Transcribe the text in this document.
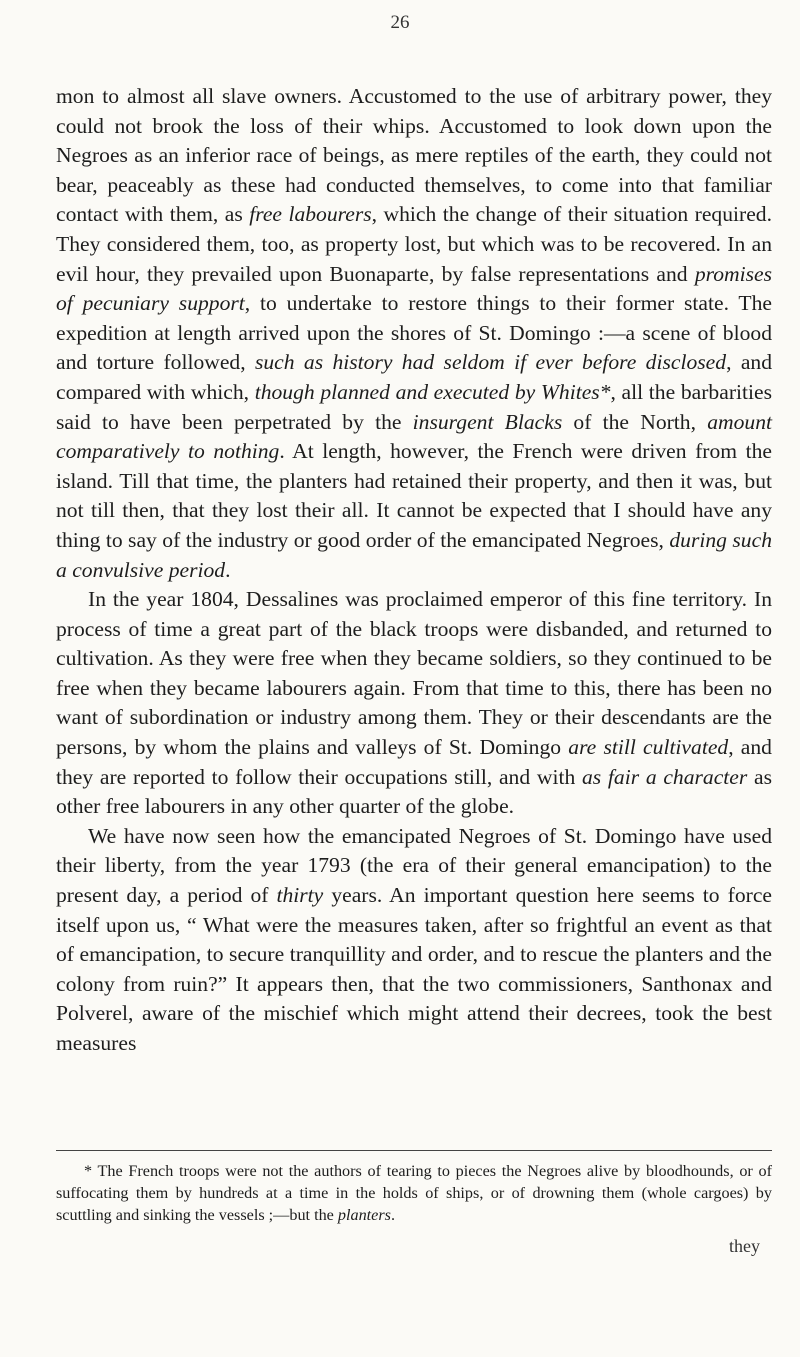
26

mon to almost all slave owners. Accustomed to the use of arbitrary power, they could not brook the loss of their whips. Accustomed to look down upon the Negroes as an inferior race of beings, as mere reptiles of the earth, they could not bear, peaceably as these had conducted themselves, to come into that familiar contact with them, as free labourers, which the change of their situation required. They considered them, too, as property lost, but which was to be recovered. In an evil hour, they prevailed upon Buonaparte, by false representations and promises of pecuniary support, to undertake to restore things to their former state. The expedition at length arrived upon the shores of St. Domingo :—a scene of blood and torture followed, such as history had seldom if ever before disclosed, and compared with which, though planned and executed by Whites*, all the barbarities said to have been perpetrated by the insurgent Blacks of the North, amount comparatively to nothing. At length, however, the French were driven from the island. Till that time, the planters had retained their property, and then it was, but not till then, that they lost their all. It cannot be expected that I should have any thing to say of the industry or good order of the emancipated Negroes, during such a convulsive period.

In the year 1804, Dessalines was proclaimed emperor of this fine territory. In process of time a great part of the black troops were disbanded, and returned to cultivation. As they were free when they became soldiers, so they continued to be free when they became labourers again. From that time to this, there has been no want of subordination or industry among them. They or their descendants are the persons, by whom the plains and valleys of St. Domingo are still cultivated, and they are reported to follow their occupations still, and with as fair a character as other free labourers in any other quarter of the globe.

We have now seen how the emancipated Negroes of St. Domingo have used their liberty, from the year 1793 (the era of their general emancipation) to the present day, a period of thirty years. An important question here seems to force itself upon us, “ What were the measures taken, after so frightful an event as that of emancipation, to secure tranquillity and order, and to rescue the planters and the colony from ruin?” It appears then, that the two commissioners, Santhonax and Polverel, aware of the mischief which might attend their decrees, took the best measures

* The French troops were not the authors of tearing to pieces the Negroes alive by bloodhounds, or of suffocating them by hundreds at a time in the holds of ships, or of drowning them (whole cargoes) by scuttling and sinking the vessels ;—but the planters.

they
